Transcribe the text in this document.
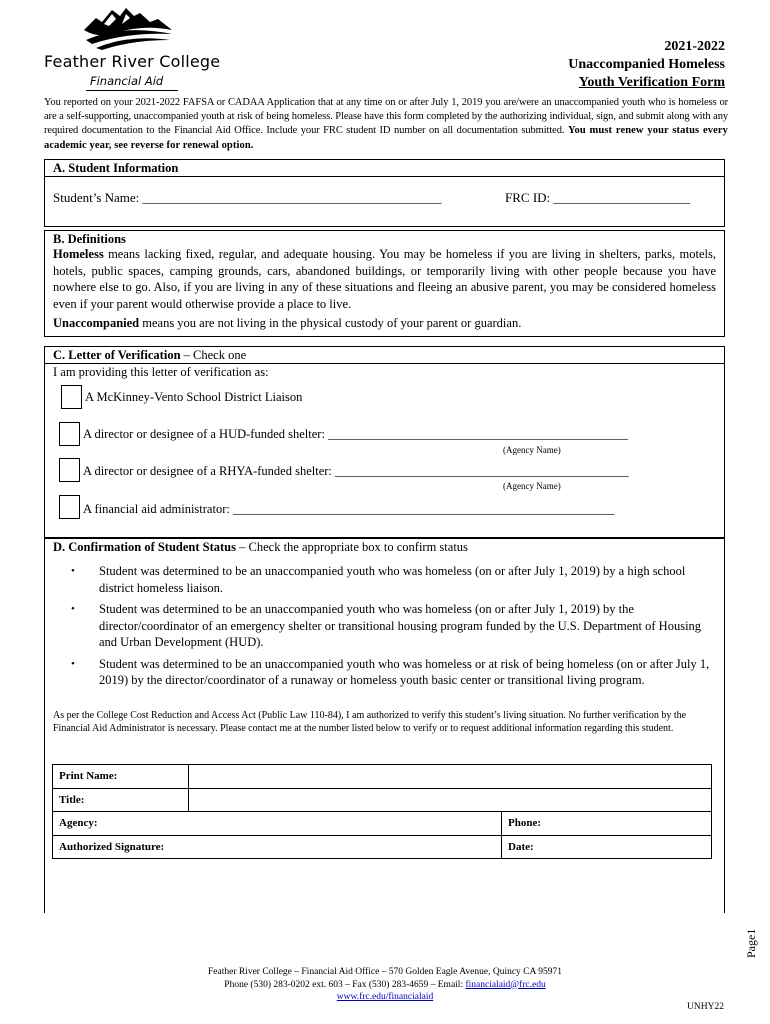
Feather River College
Financial Aid
2021-2022
Unaccompanied Homeless
Youth Verification Form
You reported on your 2021-2022 FAFSA or CADAA Application that at any time on or after July 1, 2019 you are/were an unaccompanied youth who is homeless or are a self-supporting, unaccompanied youth at risk of being homeless. Please have this form completed by the authorizing individual, sign, and submit along with any required documentation to the Financial Aid Office. Include your FRC student ID number on all documentation submitted. You must renew your status every academic year, see reverse for renewal option.
A. Student Information
Student’s Name: ______________________________________________	FRC ID: _____________________
B. Definitions

Homeless means lacking fixed, regular, and adequate housing. You may be homeless if you are living in shelters, parks, motels, hotels, public spaces, camping grounds, cars, abandoned buildings, or temporarily living with other people because you have nowhere else to go. Also, if you are living in any of these situations and fleeing an abusive parent, you may be considered homeless even if your parent would otherwise provide a place to live.

Unaccompanied means you are not living in the physical custody of your parent or guardian.

C. Letter of Verification – Check one
I am providing this letter of verification as:
A McKinney-Vento School District Liaison
A director or designee of a HUD-funded shelter: ________________________________________________
(Agency Name)
A director or designee of a RHYA-funded shelter: _______________________________________________
(Agency Name)
A financial aid administrator: _____________________________________________________________
D. Confirmation of Student Status – Check the appropriate box to confirm status
• Student was determined to be an unaccompanied youth who was homeless (on or after July 1, 2019) by a high school district homeless liaison.
• Student was determined to be an unaccompanied youth who was homeless (on or after July 1, 2019) by the director/coordinator of an emergency shelter or transitional housing program funded by the U.S. Department of Housing and Urban Development (HUD).
• Student was determined to be an unaccompanied youth who was homeless or at risk of being homeless (on or after July 1, 2019) by the director/coordinator of a runaway or homeless youth basic center or transitional living program.
As per the College Cost Reduction and Access Act (Public Law 110-84), I am authorized to verify this student’s living situation. No further verification by the Financial Aid Administrator is necessary. Please contact me at the number listed below to verify or to request additional information regarding this student.
Print Name:		
Title:		
Agency:		Phone:
Authorized Signature:		Date:
Page1
Feather River College – Financial Aid Office – 570 Golden Eagle Avenue, Quincy CA 95971
Phone (530) 283-0202 ext. 603 – Fax (530) 283-4659 – Email: financialaid@frc.edu
www.frc.edu/financialaid
UNHY22
